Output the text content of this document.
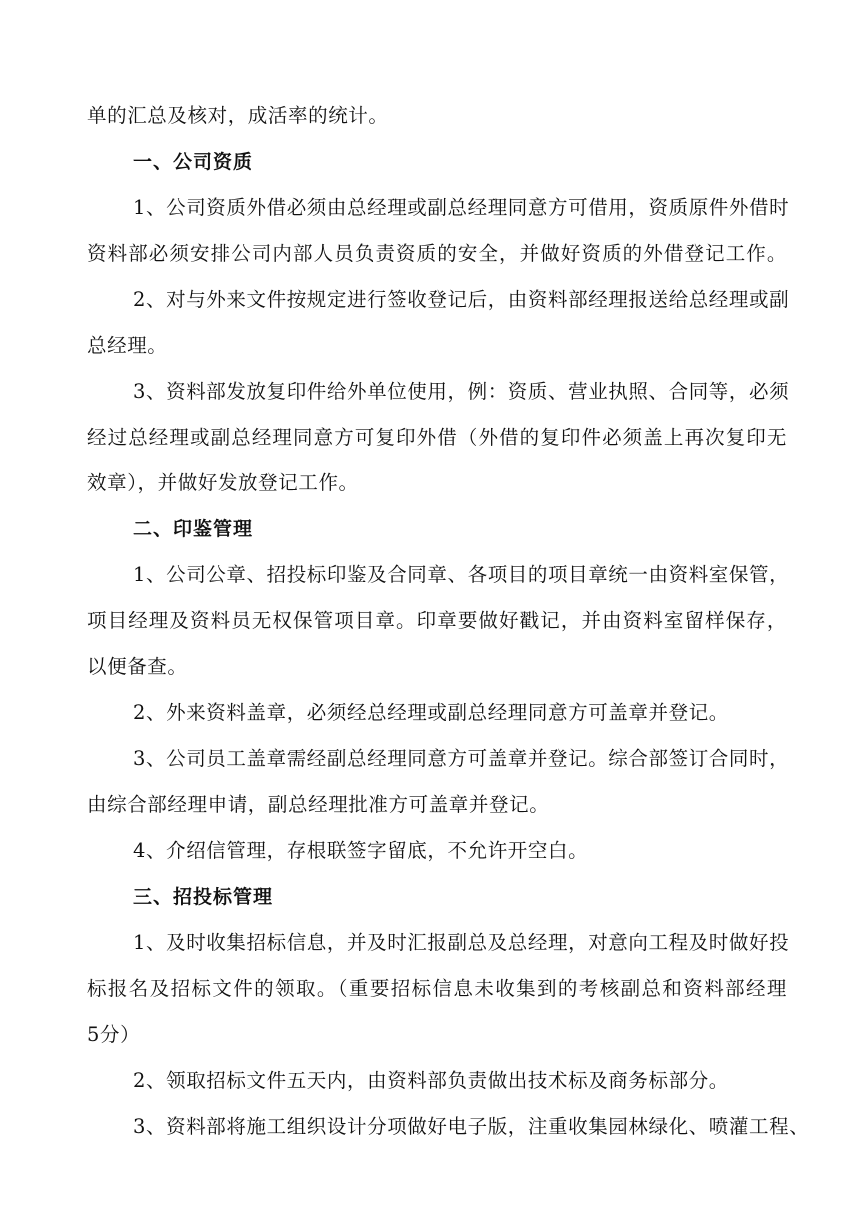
单的汇总及核对，成活率的统计。
一、公司资质
1、公司资质外借必须由总经理或副总经理同意方可借用，资质原件外借时
资料部必须安排公司内部人员负责资质的安全，并做好资质的外借登记工作。
2、对与外来文件按规定进行签收登记后，由资料部经理报送给总经理或副
总经理。
3、资料部发放复印件给外单位使用，例：资质、营业执照、合同等，必须
经过总经理或副总经理同意方可复印外借（外借的复印件必须盖上再次复印无
效章），并做好发放登记工作。
二、印鉴管理
1、公司公章、招投标印鉴及合同章、各项目的项目章统一由资料室保管，
项目经理及资料员无权保管项目章。印章要做好戳记，并由资料室留样保存，
以便备查。
2、外来资料盖章，必须经总经理或副总经理同意方可盖章并登记。
3、公司员工盖章需经副总经理同意方可盖章并登记。综合部签订合同时，
由综合部经理申请，副总经理批准方可盖章并登记。
4、介绍信管理，存根联签字留底，不允许开空白。
三、招投标管理
1、及时收集招标信息，并及时汇报副总及总经理，对意向工程及时做好投
标报名及招标文件的领取。（重要招标信息未收集到的考核副总和资料部经理
5分）
2、领取招标文件五天内，由资料部负责做出技术标及商务标部分。
3、资料部将施工组织设计分项做好电子版，注重收集园林绿化、喷灌工程、
